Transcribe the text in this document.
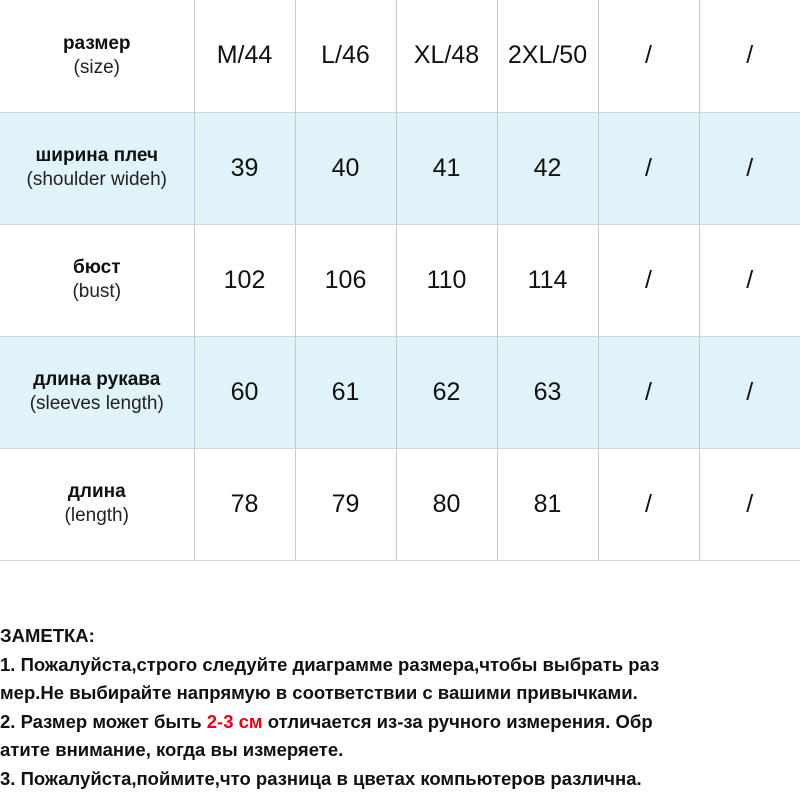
размер
(size)	M/44	L/46	XL/48	2XL/50	/	/

ширина плеч
(shoulder wideh)	39	40	41	42	/	/

бюст
(bust)	102	106	110	114	/	/

длина рукава
(sleeves length)	60	61	62	63	/	/

длина
(length)	78	79	80	81	/	/
ЗАМЕТКА:
1. Пожалуйста,строго следуйте диаграмме размера,чтобы выбрать раз
мер.Не выбирайте напрямую в соответствии с вашими привычками.
2. Размер может быть 2-3 см отличается из-за ручного измерения. Обр
атите внимание, когда вы измеряете.
3. Пожалуйста,поймите,что разница в цветах компьютеров различна.
